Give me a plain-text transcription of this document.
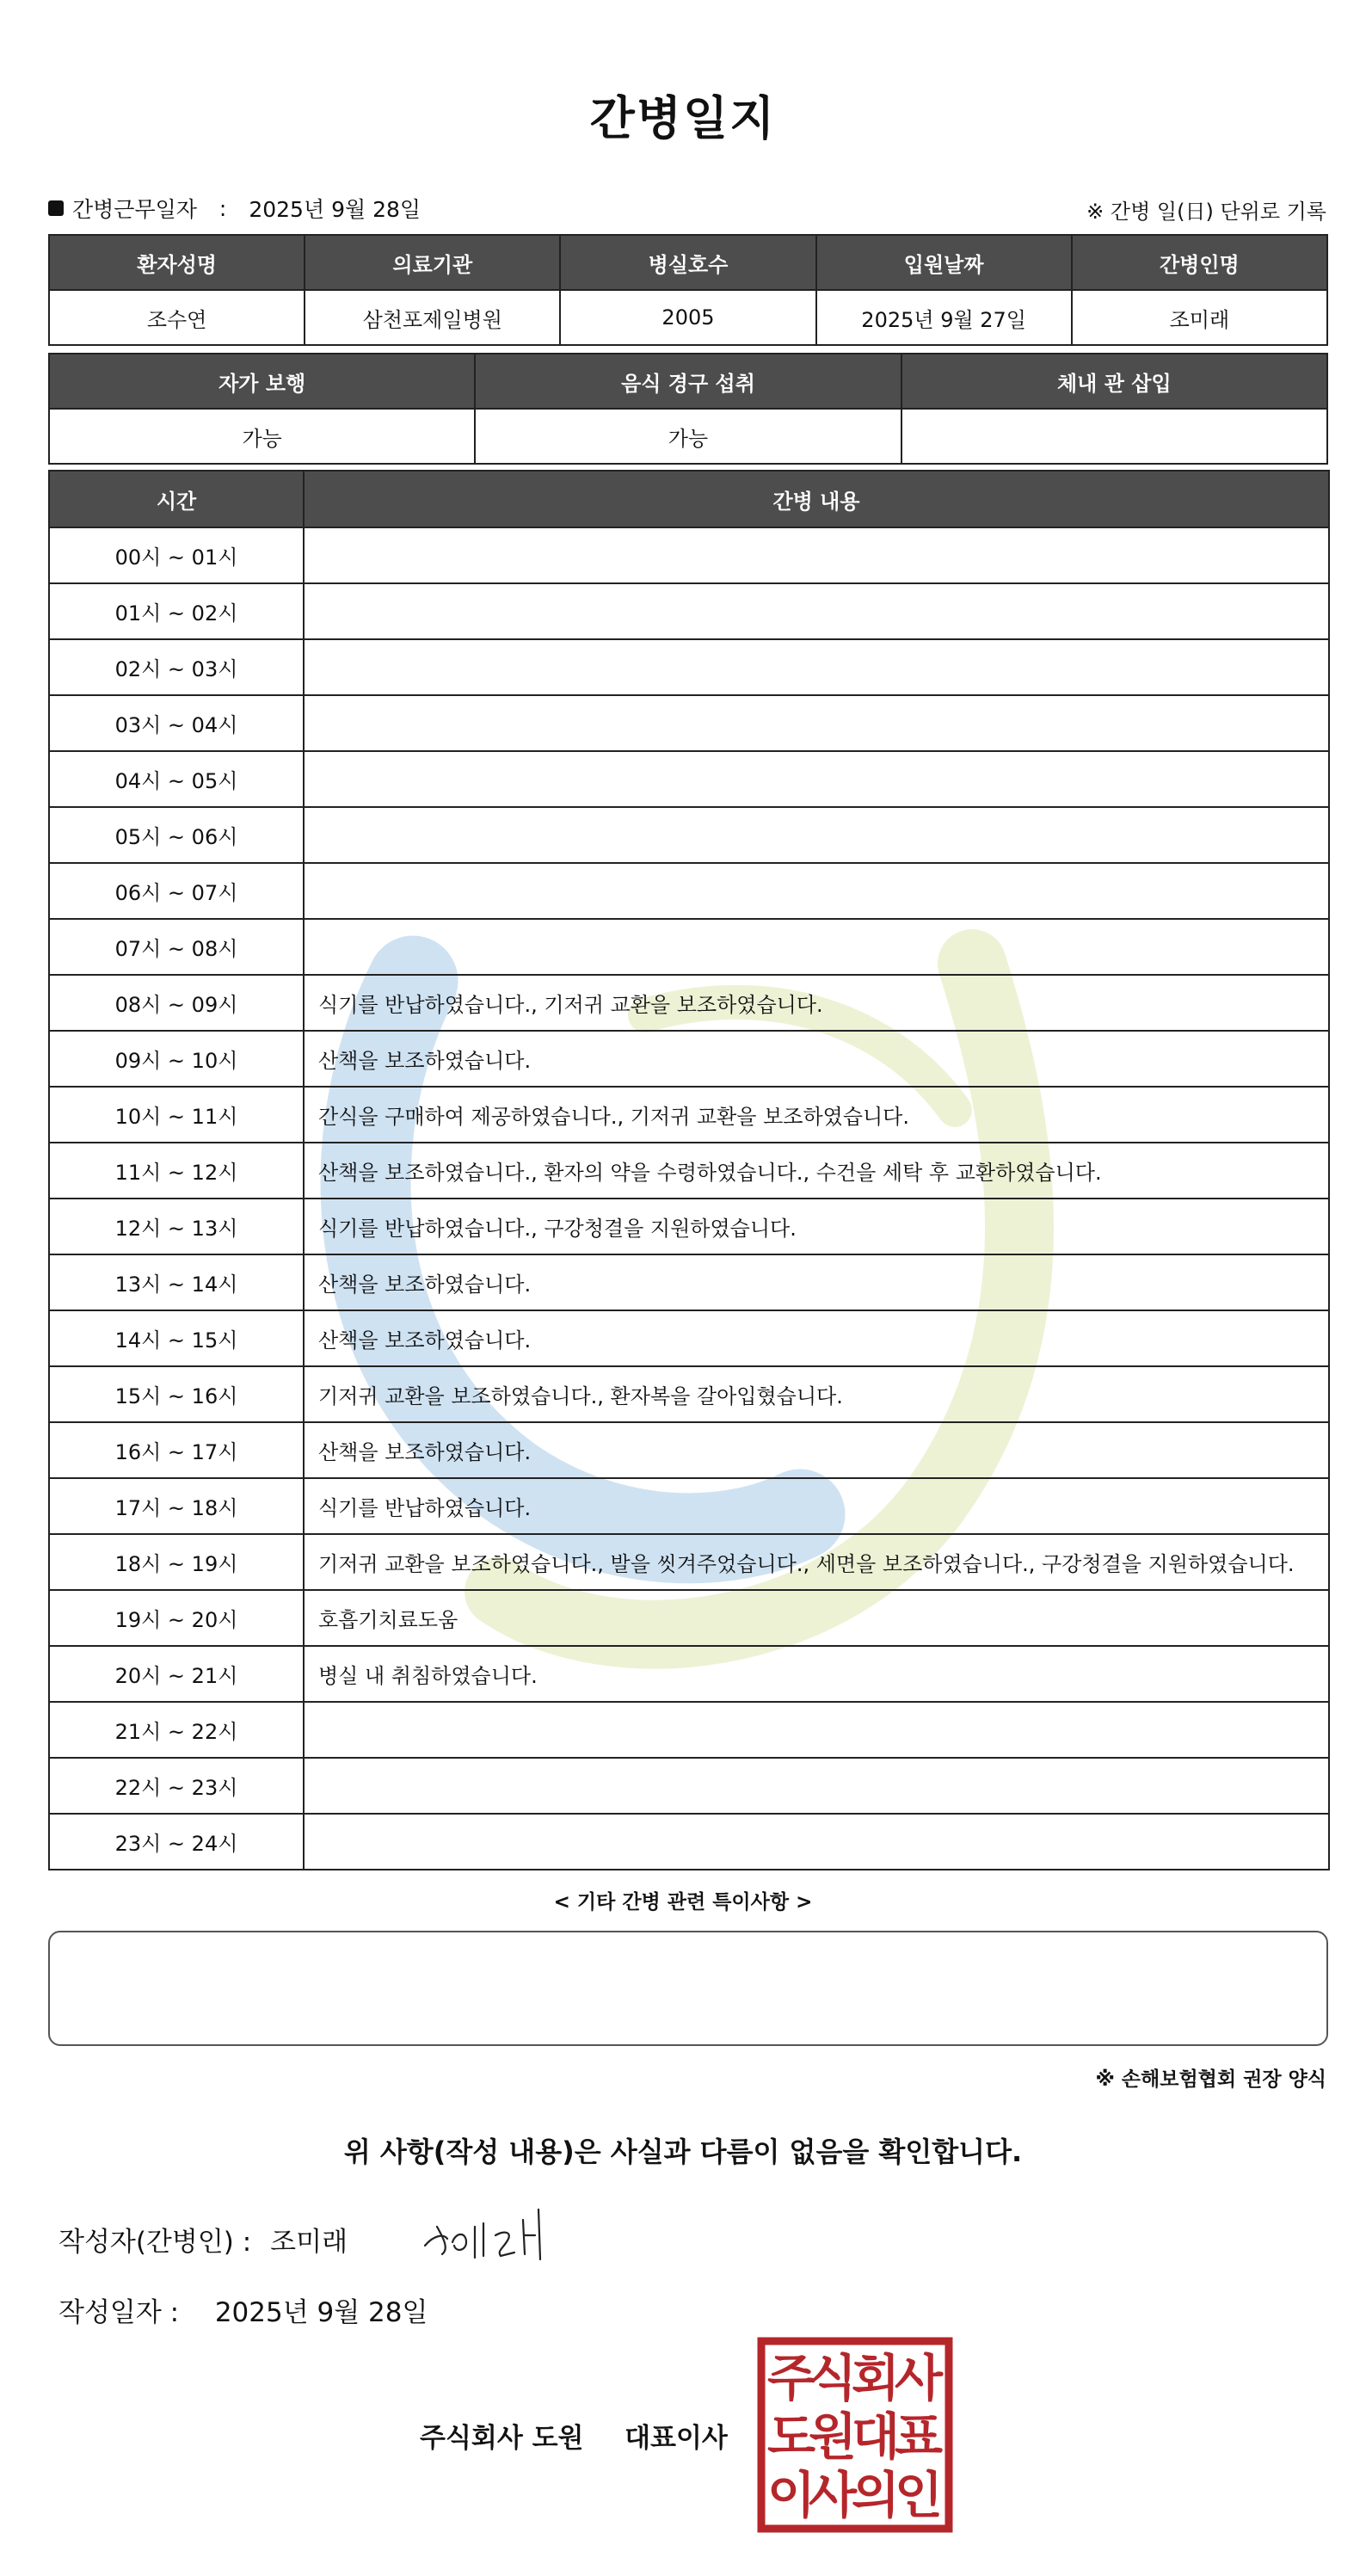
간병일지
간병근무일자 : 2025년 9월 28일	※ 간병 일(日) 단위로 기록
환자성명	의료기관	병실호수	입원날짜	간병인명
조수연	삼천포제일병원	2005	2025년 9월 27일	조미래
자가 보행	음식 경구 섭취	체내 관 삽입
가능	가능	
시간	간병 내용
00시 ~ 01시	
01시 ~ 02시	
02시 ~ 03시	
03시 ~ 04시	
04시 ~ 05시	
05시 ~ 06시	
06시 ~ 07시	
07시 ~ 08시	
08시 ~ 09시	식기를 반납하였습니다., 기저귀 교환을 보조하였습니다.
09시 ~ 10시	산책을 보조하였습니다.
10시 ~ 11시	간식을 구매하여 제공하였습니다., 기저귀 교환을 보조하였습니다.
11시 ~ 12시	산책을 보조하였습니다., 환자의 약을 수령하였습니다., 수건을 세탁 후 교환하였습니다.
12시 ~ 13시	식기를 반납하였습니다., 구강청결을 지원하였습니다.
13시 ~ 14시	산책을 보조하였습니다.
14시 ~ 15시	산책을 보조하였습니다.
15시 ~ 16시	기저귀 교환을 보조하였습니다., 환자복을 갈아입혔습니다.
16시 ~ 17시	산책을 보조하였습니다.
17시 ~ 18시	식기를 반납하였습니다.
18시 ~ 19시	기저귀 교환을 보조하였습니다., 발을 씻겨주었습니다., 세면을 보조하였습니다., 구강청결을 지원하였습니다.
19시 ~ 20시	호흡기치료도움
20시 ~ 21시	병실 내 취침하였습니다.
21시 ~ 22시	
22시 ~ 23시	
23시 ~ 24시	
< 기타 간병 관련 특이사항 >
※ 손해보험협회 권장 양식
위 사항(작성 내용)은 사실과 다름이 없음을 확인합니다.
작성자(간병인) : 조미래
작성일자 : 2025년 9월 28일
주식회사 도원 대표이사
주
식
회
사
도
원
대
표
이
사
의
인
